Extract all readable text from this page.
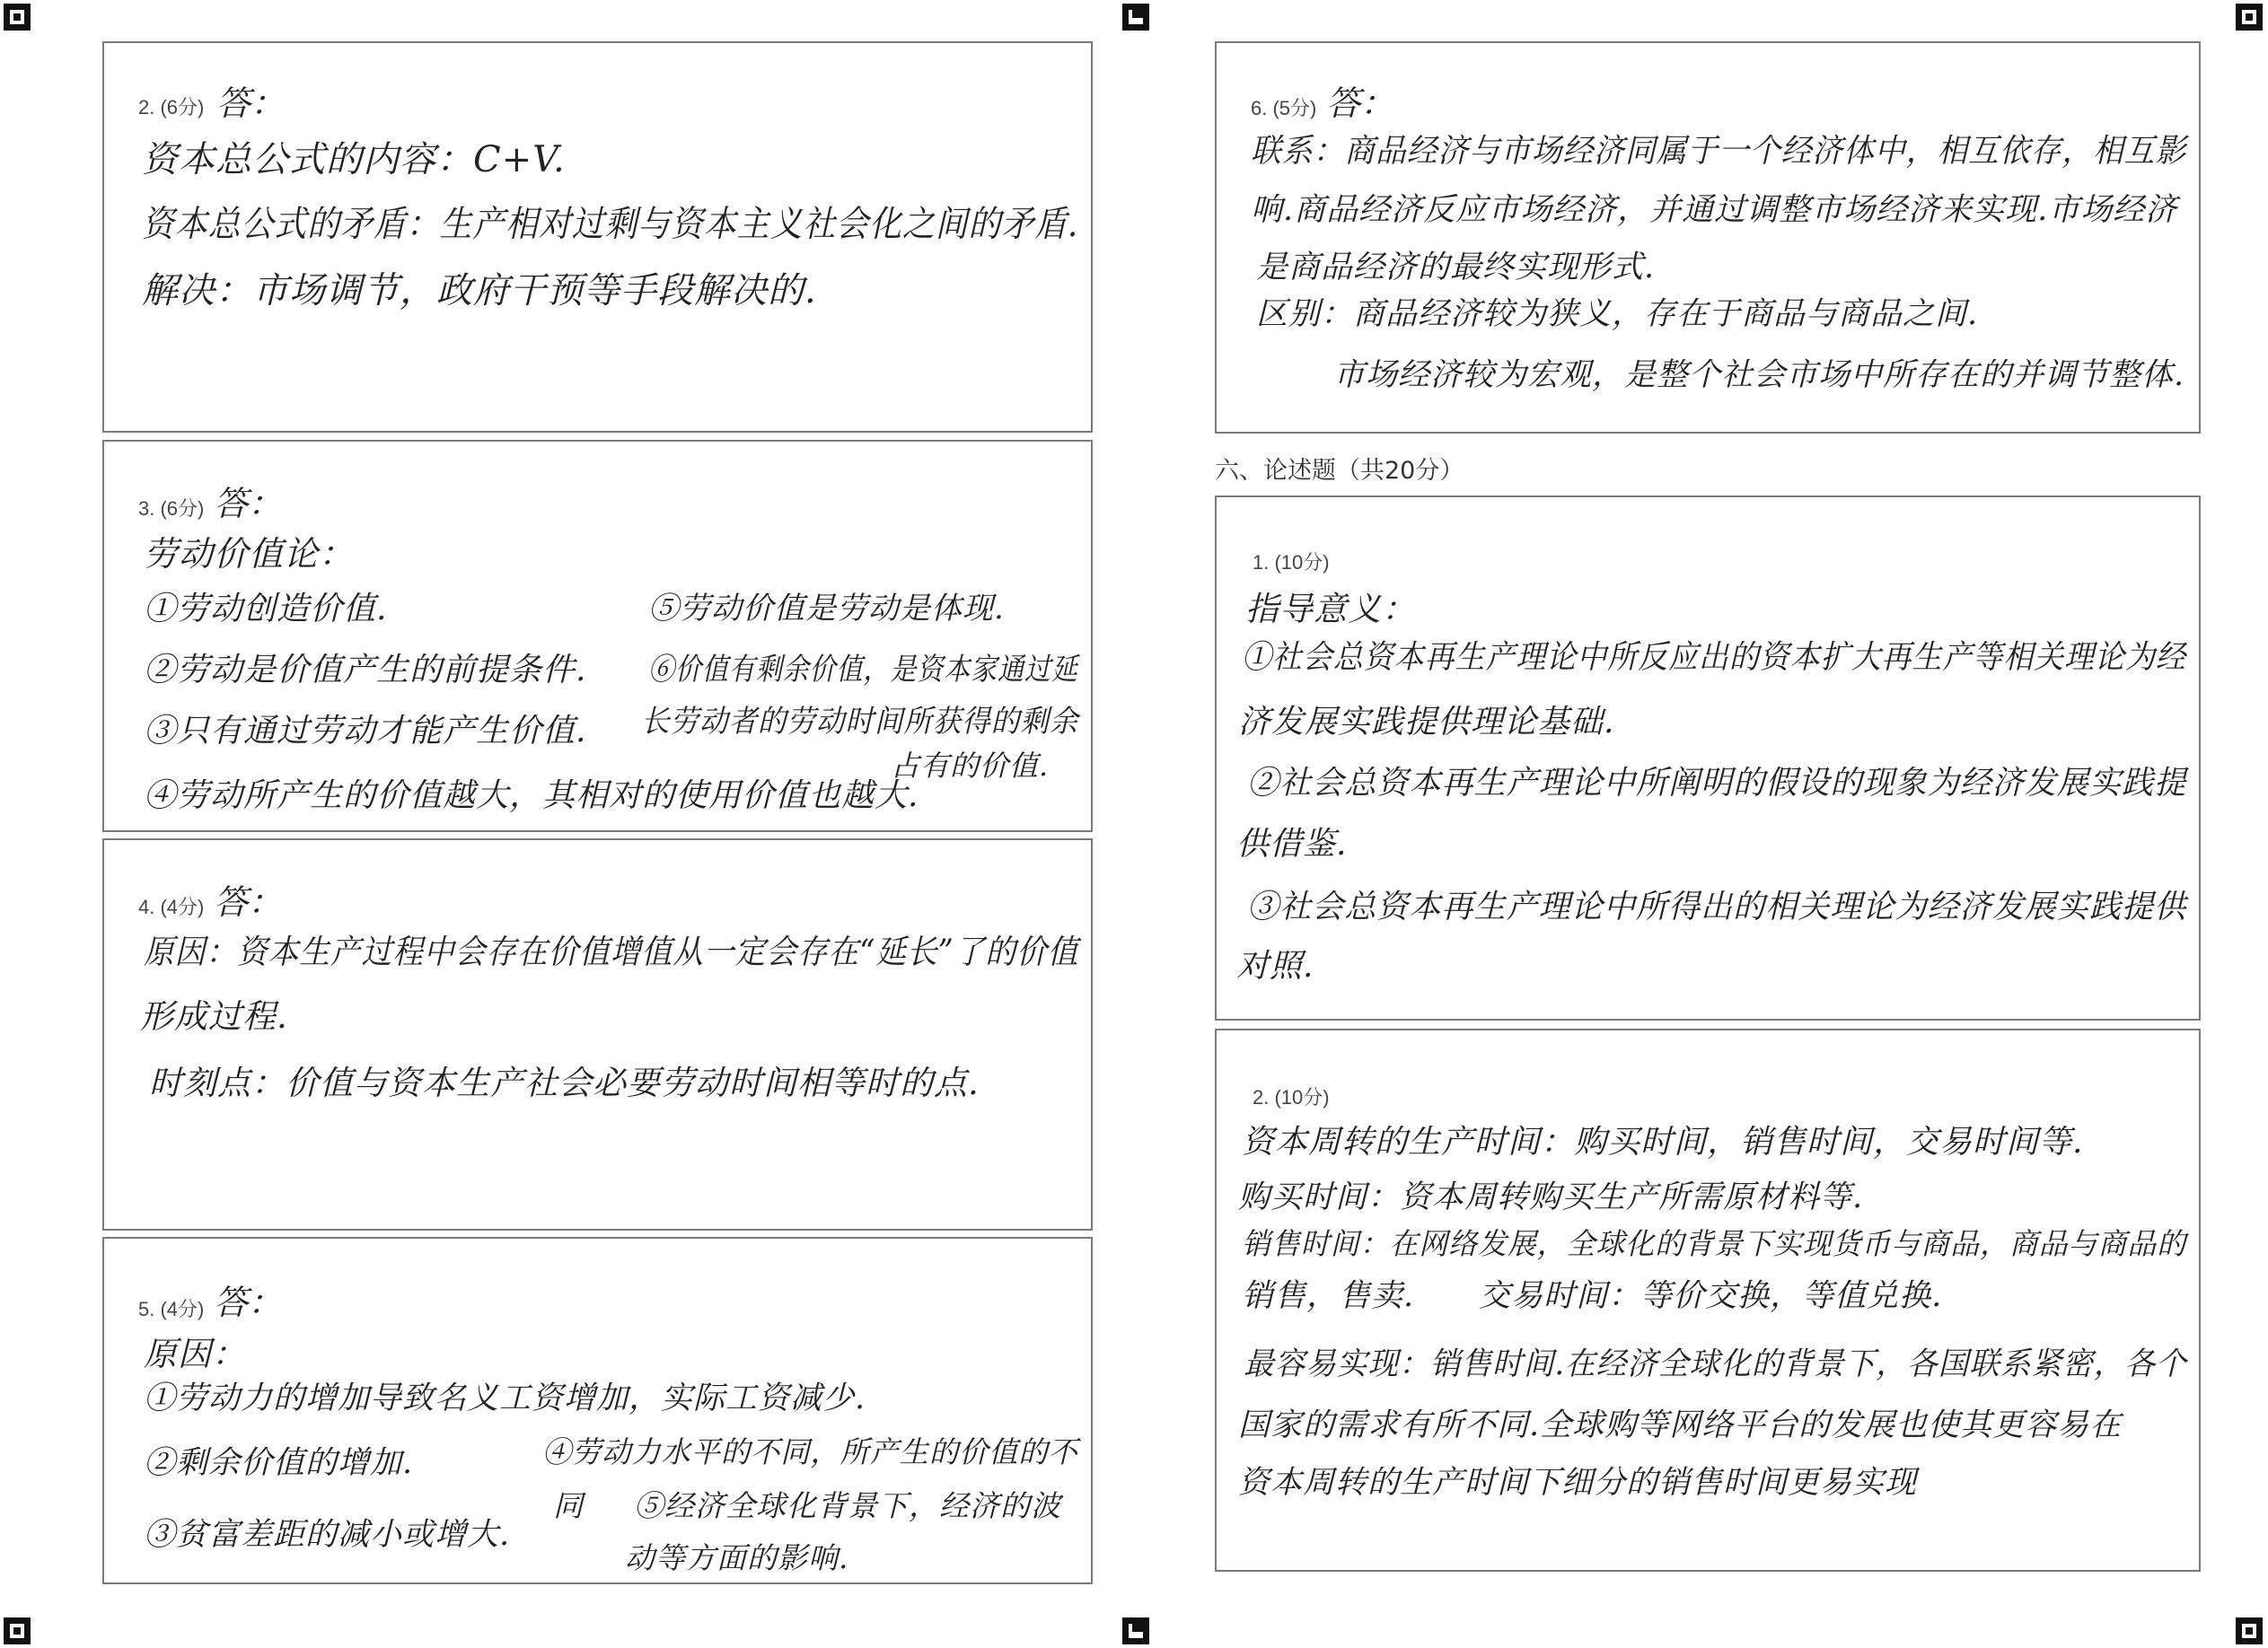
2. (6分) 答：
资本总公式的内容：C+V.
资本总公式的矛盾：生产相对过剩与资本主义社会化之间的矛盾.
解决：市场调节，政府干预等手段解决的.
3. (6分) 答：
劳动价值论：
①劳动创造价值.
②劳动是价值产生的前提条件.
③只有通过劳动才能产生价值.
⑤劳动价值是劳动是体现.
⑥价值有剩余价值，是资本家通过延
长劳动者的劳动时间所获得的剩余
占有的价值.
④劳动所产生的价值越大，其相对的使用价值也越大.
4. (4分) 答：
原因：资本生产过程中会存在价值增值从一定会存在“延长”了的价值
形成过程.
时刻点：价值与资本生产社会必要劳动时间相等时的点.
5. (4分) 答：
原因：
①劳动力的增加导致名义工资增加，实际工资减少.
②剩余价值的增加.
③贫富差距的减小或增大.
④劳动力水平的不同，所产生的价值的不
同 ⑤经济全球化背景下，经济的波
动等方面的影响.
6. (5分) 答：
联系：商品经济与市场经济同属于一个经济体中，相互依存，相互影
响.商品经济反应市场经济，并通过调整市场经济来实现.市场经济
是商品经济的最终实现形式.
区别：商品经济较为狭义，存在于商品与商品之间.
市场经济较为宏观，是整个社会市场中所存在的并调节整体.
六、论述题（共20分）
1. (10分)
指导意义：
①社会总资本再生产理论中所反应出的资本扩大再生产等相关理论为经
济发展实践提供理论基础.
②社会总资本再生产理论中所阐明的假设的现象为经济发展实践提
供借鉴.
③社会总资本再生产理论中所得出的相关理论为经济发展实践提供
对照.
2. (10分)
资本周转的生产时间：购买时间，销售时间，交易时间等.
购买时间：资本周转购买生产所需原材料等.
销售时间：在网络发展，全球化的背景下实现货币与商品，商品与商品的
销售，售卖.　　交易时间：等价交换，等值兑换.
最容易实现：销售时间.在经济全球化的背景下，各国联系紧密，各个
国家的需求有所不同.全球购等网络平台的发展也使其更容易在
资本周转的生产时间下细分的销售时间更易实现
